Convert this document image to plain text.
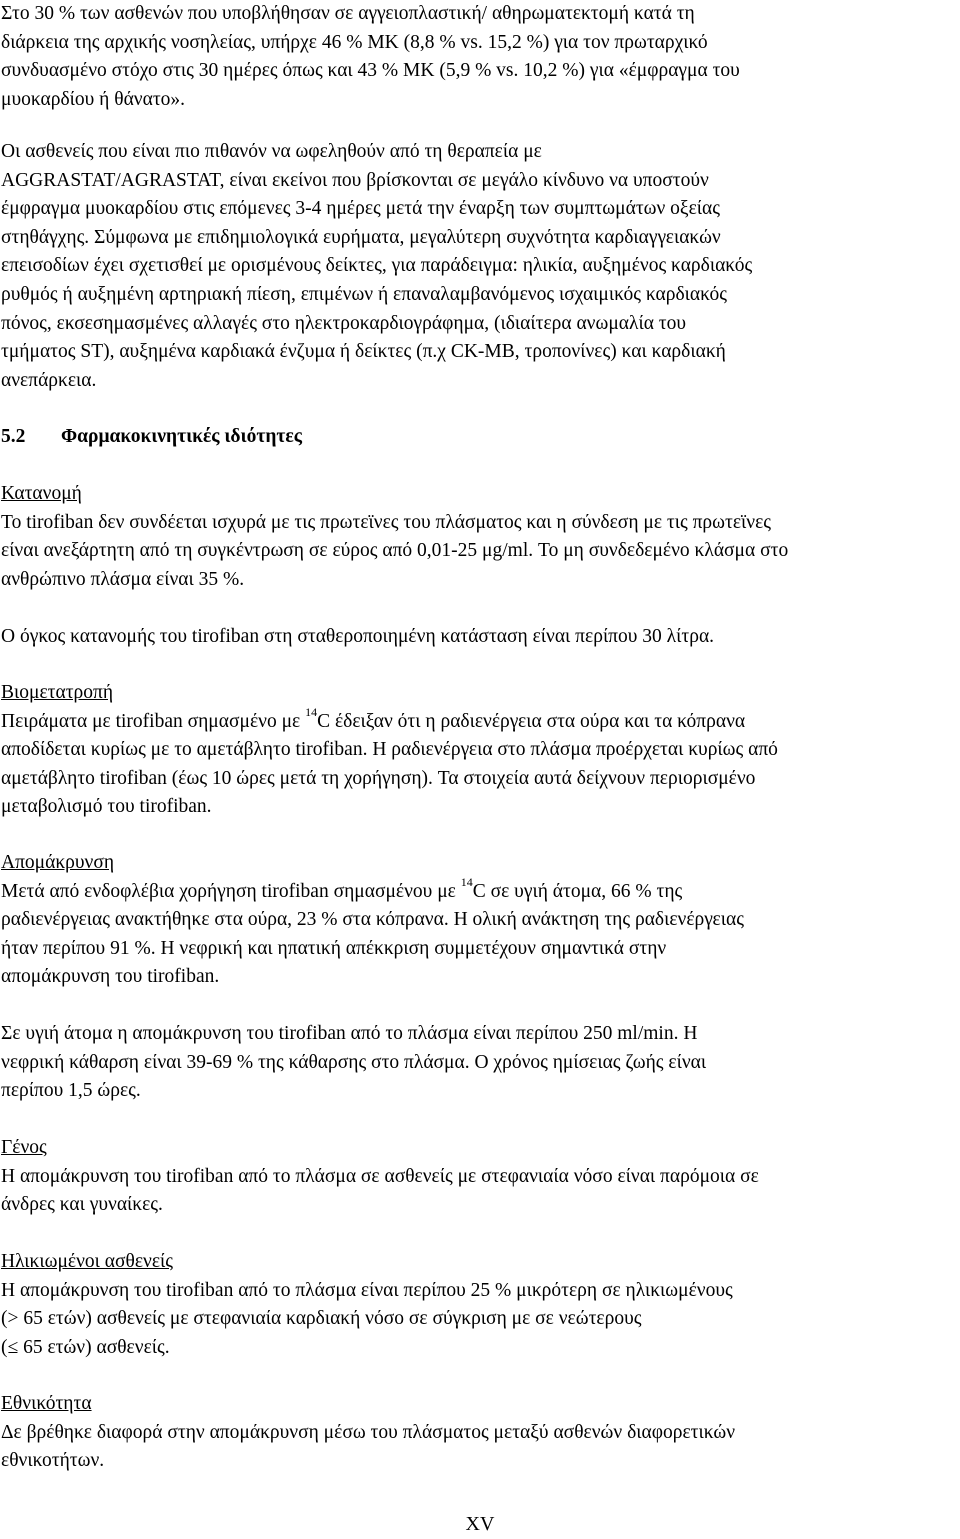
Στο 30 % των ασθενών που υποβλήθησαν σε αγγειοπλαστική/ αθηρωματεκτομή κατά τη
διάρκεια της αρχικής νοσηλείας, υπήρχε 46 % ΜΚ (8,8 % vs. 15,2 %) για τον πρωταρχικό
συνδυασμένο στόχο στις 30 ημέρες όπως και 43 % ΜΚ (5,9 % vs. 10,2 %) για «έμφραγμα του
μυοκαρδίου ή θάνατο».

Οι ασθενείς που είναι πιο πιθανόν να ωφεληθούν από τη θεραπεία με
AGGRASTAT/AGRASTAT, είναι εκείνοι που βρίσκονται σε μεγάλο κίνδυνο να υποστούν
έμφραγμα μυοκαρδίου στις επόμενες 3-4 ημέρες μετά την έναρξη των συμπτωμάτων οξείας
στηθάγχης. Σύμφωνα με επιδημιολογικά ευρήματα, μεγαλύτερη συχνότητα καρδιαγγειακών
επεισοδίων έχει σχετισθεί με ορισμένους δείκτες, για παράδειγμα: ηλικία, αυξημένος καρδιακός
ρυθμός ή αυξημένη αρτηριακή πίεση, επιμένων ή επαναλαμβανόμενος ισχαιμικός καρδιακός
πόνος, εκσεσημασμένες αλλαγές στο ηλεκτροκαρδιογράφημα, (ιδιαίτερα ανωμαλία του
τμήματος ST), αυξημένα καρδιακά ένζυμα ή δείκτες (π.χ CK-MB, τροπονίνες) και καρδιακή
ανεπάρκεια.

5.2 Φαρμακοκινητικές ιδιότητες

Κατανομή
Το tirofiban δεν συνδέεται ισχυρά με τις πρωτεϊνες του πλάσματος και η σύνδεση με τις πρωτεϊνες
είναι ανεξάρτητη από τη συγκέντρωση σε εύρος από 0,01-25 μg/ml. Το μη συνδεδεμένο κλάσμα στο
ανθρώπινο πλάσμα είναι 35 %.

Ο όγκος κατανομής του tirofiban στη σταθεροποιημένη κατάσταση είναι περίπου 30 λίτρα.

Βιομετατροπή
Πειράματα με tirofiban σημασμένο με $^{14}$C έδειξαν ότι η ραδιενέργεια στα ούρα και τα κόπρανα
αποδίδεται κυρίως με το αμετάβλητο tirofiban. Η ραδιενέργεια στο πλάσμα προέρχεται κυρίως από
αμετάβλητο tirofiban (έως 10 ώρες μετά τη χορήγηση). Τα στοιχεία αυτά δείχνουν περιορισμένο
μεταβολισμό του tirofiban.

Απομάκρυνση
Μετά από ενδοφλέβια χορήγηση tirofiban σημασμένου με $^{14}$C σε υγιή άτομα, 66 % της
ραδιενέργειας ανακτήθηκε στα ούρα, 23 % στα κόπρανα. Η ολική ανάκτηση της ραδιενέργειας
ήταν περίπου 91 %. Η νεφρική και ηπατική απέκκριση συμμετέχουν σημαντικά στην
απομάκρυνση του tirofiban.

Σε υγιή άτομα η απομάκρυνση του tirofiban από το πλάσμα είναι περίπου 250 ml/min. Η
νεφρική κάθαρση είναι 39-69 % της κάθαρσης στο πλάσμα. Ο χρόνος ημίσειας ζωής είναι
περίπου 1,5 ώρες.

Γένος
Η απομάκρυνση του tirofiban από το πλάσμα σε ασθενείς με στεφανιαία νόσο είναι παρόμοια σε
άνδρες και γυναίκες.

Ηλικιωμένοι ασθενείς
Η απομάκρυνση του tirofiban από το πλάσμα είναι περίπου 25 % μικρότερη σε ηλικιωμένους
(> 65 ετών) ασθενείς με στεφανιαία καρδιακή νόσο σε σύγκριση με σε νεώτερους
(≤ 65 ετών) ασθενείς.

Εθνικότητα
Δε βρέθηκε διαφορά στην απομάκρυνση μέσω του πλάσματος μεταξύ ασθενών διαφορετικών
εθνικοτήτων.

XV
